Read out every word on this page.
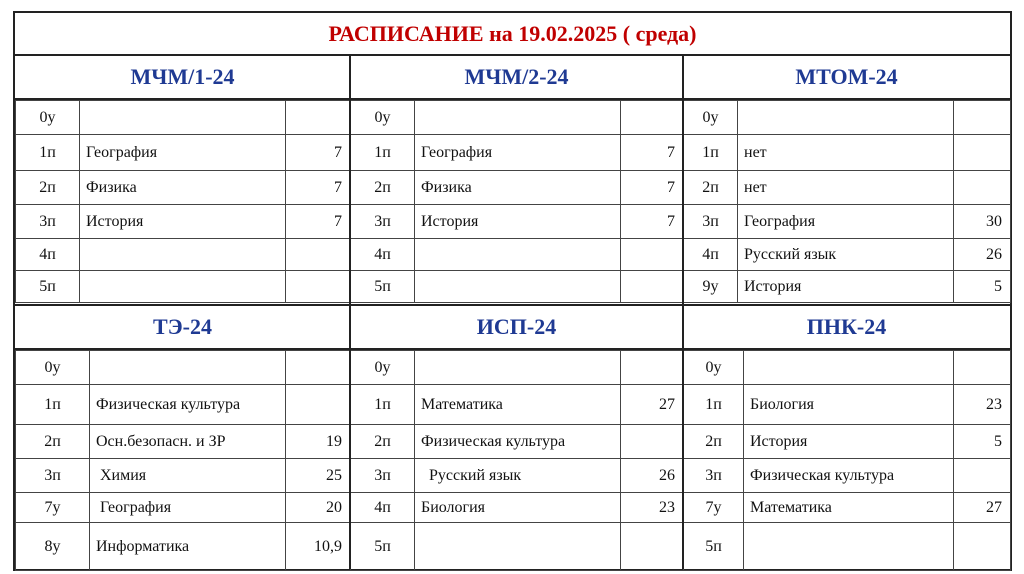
РАСПИСАНИЕ на 19.02.2025 ( среда)
МЧМ/1-24
0у		
1п	География	7
2п	Физика	7
3п	История	7
4п		
5п		
МЧМ/2-24
0у		
1п	География	7
2п	Физика	7
3п	История	7
4п		
5п		
МТОМ-24
0у		
1п	нет	
2п	нет	
3п	География	30
4п	Русский язык	26
9у	История	5
ТЭ-24
0у		
1п	Физическая культура	
2п	Осн.безопасн. и ЗР	19
3п	Химия	25
7у	География	20
8у	Информатика	10,9
ИСП-24
0у		
1п	Математика	27
2п	Физическая культура	
3п	Русский язык	26
4п	Биология	23
5п		
ПНК-24
0у		
1п	Биология	23
2п	История	5
3п	Физическая культура	
7у	Математика	27
5п		
